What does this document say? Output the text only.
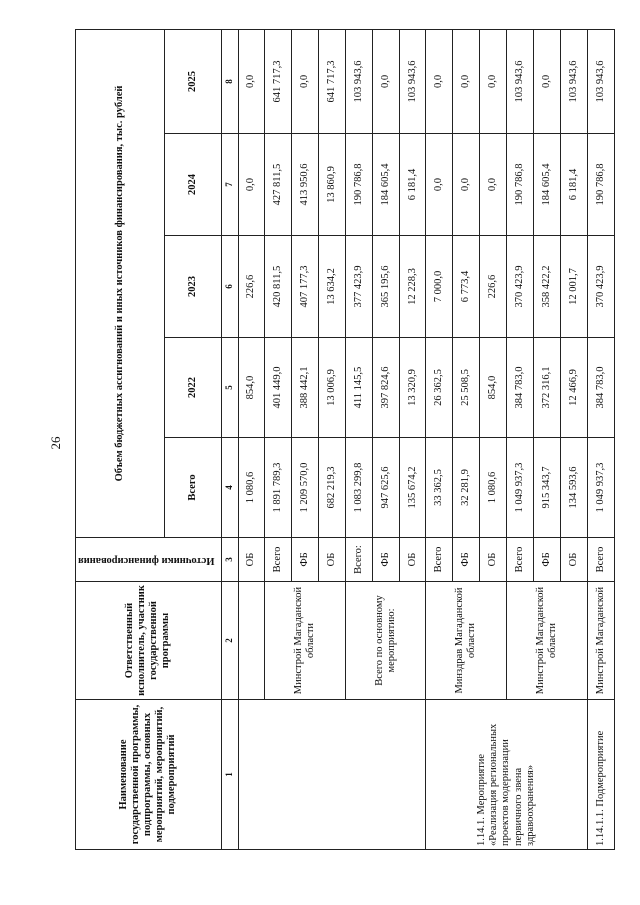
26
Наименование государственной программы, подпрограммы, основных мероприятий, мероприятий, подмероприятий	Ответственный исполнитель, участник государственной программы	Источники финансирования	Объем бюджетных ассигнований и иных источников финансирования, тыс. рублей				
			Всего	2022	2023	2024	2025
1	2	3	4	5	6	7	8
		ОБ	1 080,6	854,0	226,6	0,0	0,0
	Минстрой Магаданской области	Всего	1 891 789,3	401 449,0	420 811,5	427 811,5	641 717,3
		ФБ	1 209 570,0	388 442,1	407 177,3	413 950,6	0,0
		ОБ	682 219,3	13 006,9	13 634,2	13 860,9	641 717,3
	Всего по основному мероприятию:	Всего:	1 083 299,8	411 145,5	377 423,9	190 786,8	103 943,6
		ФБ	947 625,6	397 824,6	365 195,6	184 605,4	0,0
		ОБ	135 674,2	13 320,9	12 228,3	6 181,4	103 943,6
1.14.1. Мероприятие «Реализация региональных проектов модернизации первичного звена здравоохранения»	Минздрав Магаданской области	Всего	33 362,5	26 362,5	7 000,0	0,0	0,0
		ФБ	32 281,9	25 508,5	6 773,4	0,0	0,0
		ОБ	1 080,6	854,0	226,6	0,0	0,0
	Минстрой Магаданской области	Всего	1 049 937,3	384 783,0	370 423,9	190 786,8	103 943,6
		ФБ	915 343,7	372 316,1	358 422,2	184 605,4	0,0
		ОБ	134 593,6	12 466,9	12 001,7	6 181,4	103 943,6
1.14.1.1. Подмероприятие	Минстрой Магаданской	Всего	1 049 937,3	384 783,0	370 423,9	190 786,8	103 943,6
